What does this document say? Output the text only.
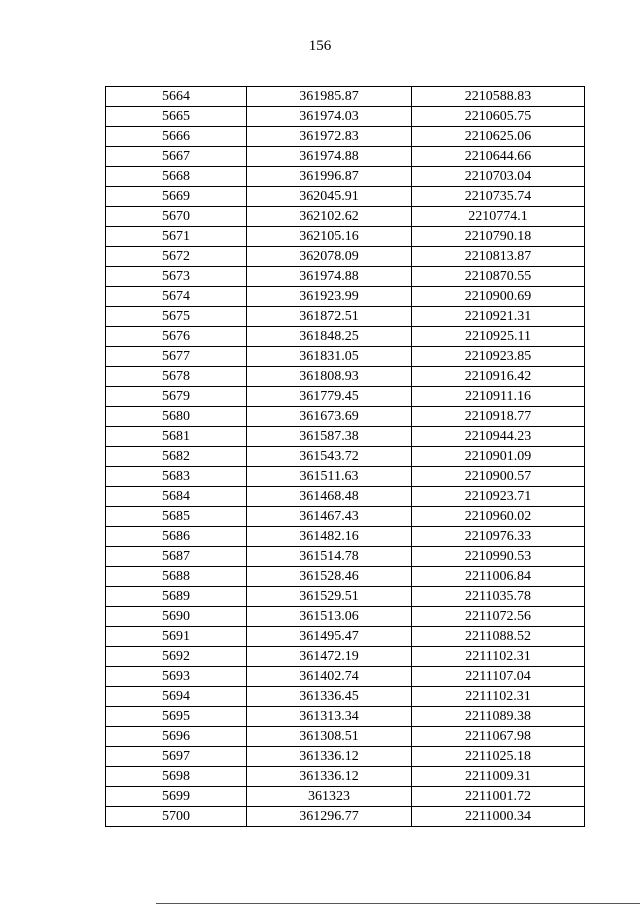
156
5664	361985.87	2210588.83
5665	361974.03	2210605.75
5666	361972.83	2210625.06
5667	361974.88	2210644.66
5668	361996.87	2210703.04
5669	362045.91	2210735.74
5670	362102.62	2210774.1
5671	362105.16	2210790.18
5672	362078.09	2210813.87
5673	361974.88	2210870.55
5674	361923.99	2210900.69
5675	361872.51	2210921.31
5676	361848.25	2210925.11
5677	361831.05	2210923.85
5678	361808.93	2210916.42
5679	361779.45	2210911.16
5680	361673.69	2210918.77
5681	361587.38	2210944.23
5682	361543.72	2210901.09
5683	361511.63	2210900.57
5684	361468.48	2210923.71
5685	361467.43	2210960.02
5686	361482.16	2210976.33
5687	361514.78	2210990.53
5688	361528.46	2211006.84
5689	361529.51	2211035.78
5690	361513.06	2211072.56
5691	361495.47	2211088.52
5692	361472.19	2211102.31
5693	361402.74	2211107.04
5694	361336.45	2211102.31
5695	361313.34	2211089.38
5696	361308.51	2211067.98
5697	361336.12	2211025.18
5698	361336.12	2211009.31
5699	361323	2211001.72
5700	361296.77	2211000.34
